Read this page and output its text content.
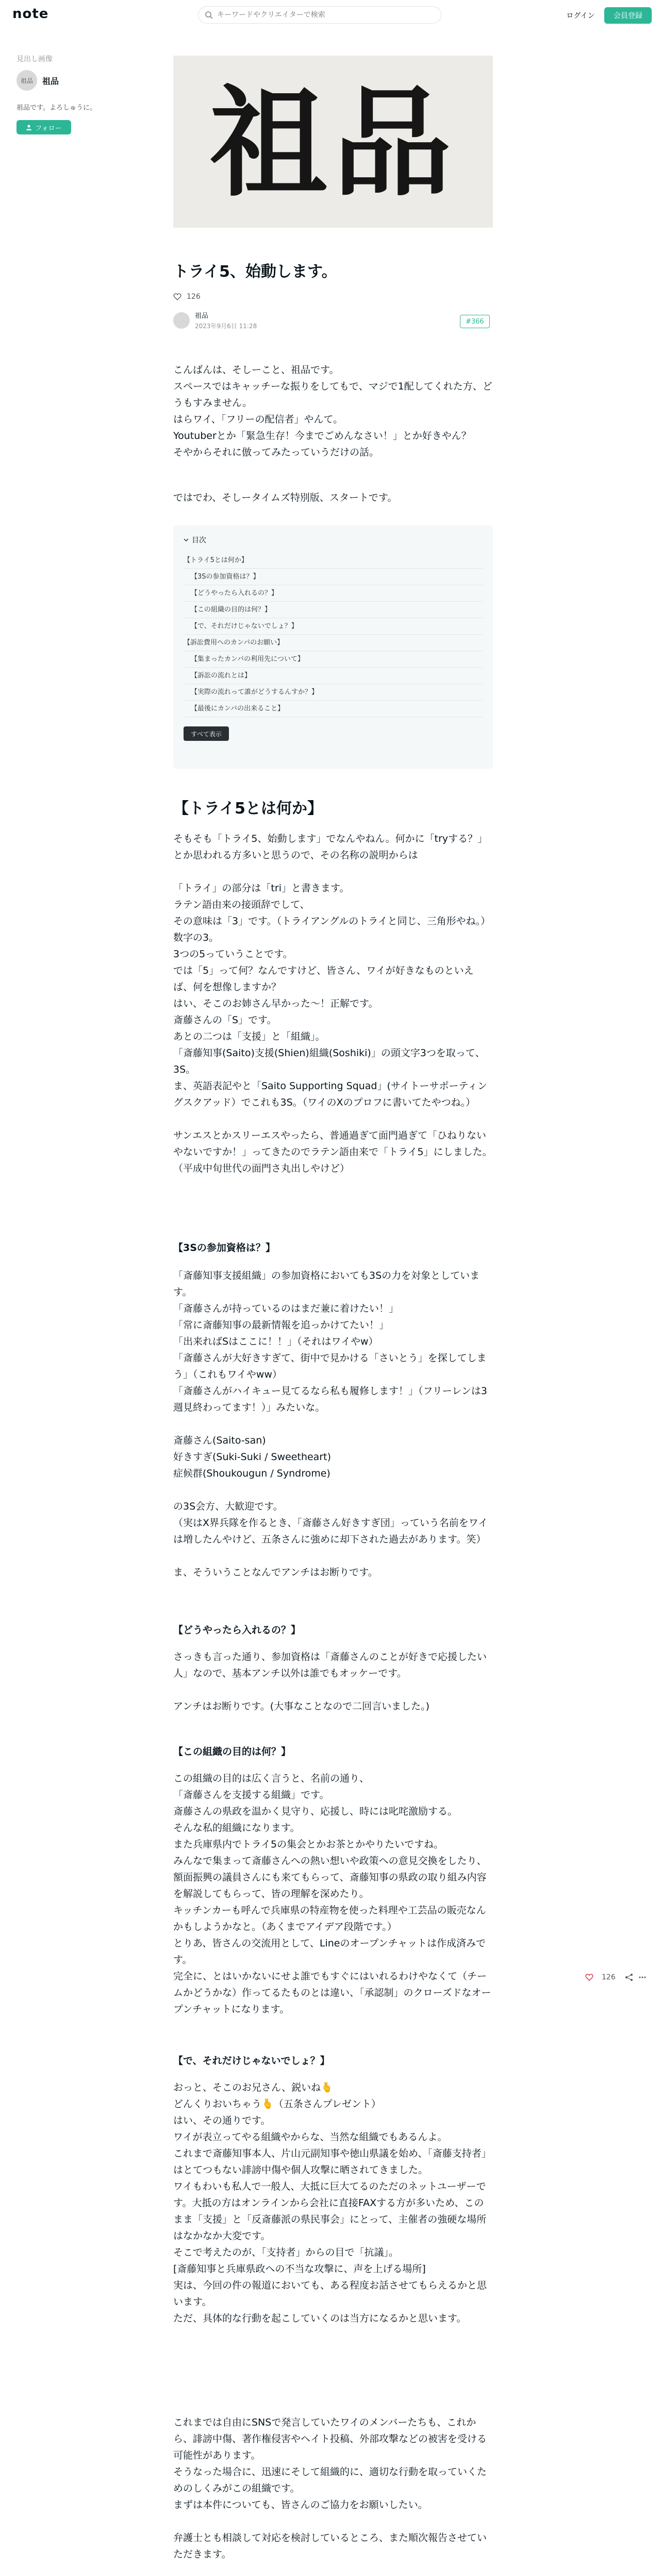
note
キーワードやクリエイターで検索	ログイン	会員登録
見出し画像
祖品 祖品
祖品です。よろしゅうに。
フォロー 祖品
トライ5、始動します。
126
祖品
2023年9月6日 11:28
#366
こんばんは、そしーこと、祖品です。
スペースではキャッチーな振りをしてもで、マジで1配してくれた方、どうもすみません。
はらワイ、「フリーの配信者」やんて。
Youtuberとか「緊急生存！今までごめんなさい！」とか好きやん？
そやからそれに倣ってみたっていうだけの話。
ではでわ、そしータイムズ特別版、スタートです。
目次
【トライ5とは何か】
【3Sの参加資格は？】
【どうやったら入れるの？】
【この組織の目的は何？】
【で、それだけじゃないでしょ？】
【訴訟費用へのカンパのお願い】
【集まったカンパの利用先について】
【訴訟の流れとは】
【実際の流れって誰がどうするんすか？】
【最後にカンパの出来ること】
すべて表示
【トライ5とは何か】
そもそも「トライ5、始動します」でなんやねん。何かに「tryする？」とか思われる方多いと思うので、その名称の説明からは

「トライ」の部分は「tri」と書きます。
ラテン語由来の接頭辞でして、
その意味は「3」です。（トライアングルのトライと同じ、三角形やね。）
数字の3。
3つの5っていうことです。
では「5」って何？なんですけど、皆さん、ワイが好きなものといえば、何を想像しますか？
はい、そこのお姉さん早かった～！正解です。
斎藤さんの「S」です。
あとの二つは「支援」と「組織」。
「斎藤知事(Saito)支援(Shien)組織(Soshiki)」の頭文字3つを取って、3S。
ま、英語表記やと「Saito Supporting Squad」(サイトーサポーティングスクアッド）でこれも3S。（ワイのXのプロフに書いてたやつね。）

サンエスとかスリーエスやったら、普通過ぎて面門過ぎて「ひねりないやないですか！」ってきたのでラテン語由来で「トライ5」にしました。（平成中旬世代の面門さ丸出しやけど）
【3Sの参加資格は？】
「斎藤知事支援組織」の参加資格においても3Sの力を対象としています。
「斎藤さんが持っているのはまだ兼に着けたい！」
「常に斎藤知事の最新情報を追っかけてたい！」
「出来ればSはここに！！」（それはワイやw）
「斎藤さんが大好きすぎて、街中で見かける「さいとう」を探してしまう」（これもワイやww）
「斎藤さんがハイキュー見てるなら私も履修します！」（フリーレンは3週見終わってます！）」みたいな。

斎藤さん(Saito-san)
好きすぎ(Suki-Suki / Sweetheart)
症候群(Shoukougun / Syndrome)

の3S会方、大歓迎です。
（実はX界兵隊を作るとき、「斎藤さん好きすぎ団」っていう名前をワイは増したんやけど、五条さんに強めに却下された過去があります。笑）

ま、そういうことなんでアンチはお断りです。
【どうやったら入れるの？】
さっきも言った通り、参加資格は「斎藤さんのことが好きで応援したい人」なので、基本アンチ以外は誰でもオッケーです。

アンチはお断りです。(大事なことなので二回言いました。)
【この組織の目的は何？】
この組織の目的は広く言うと、名前の通り、
「斎藤さんを支援する組織」です。
斎藤さんの県政を温かく見守り、応援し、時には叱咤激励する。
そんな私的組織になります。
また兵庫県内でトライ5の集会とかお茶とかやりたいですね。
みんなで集まって斎藤さんへの熱い想いや政策への意見交換をしたり、額面振興の議員さんにも来てもらって、斎藤知事の県政の取り組み内容を解説してもらって、皆の理解を深めたり。
キッチンカーも呼んで兵庫県の特産物を使った料理や工芸品の販売なんかもしようかなと。（あくまでアイデア段階です。）
とりあ、皆さんの交流用として、Lineのオープンチャットは作成済みです。
完全に、とはいかないにせよ誰でもすぐにはいれるわけやなくて（チームかどうかな）作ってるたものとは違い、「承認制」のクローズドなオープンチャットになります。
【で、それだけじゃないでしょ？】
おっと、そこのお兄さん、鋭いね🫰
どんくりおいちゃう🫰（五条さんプレゼント）
はい、その通りです。
ワイが表立ってやる組織やからな、当然な組織でもあるんよ。
これまで斎藤知事本人、片山元副知事や徳山県議を始め、「斎藤支持者」はとてつもない誹謗中傷や個人攻撃に晒されてきました。
ワイもわいも私人で一般人、大抵に巨大てるのただのネットユーザーです。大抵の方はオンラインから会社に直接FAXする方が多いため、このまま「支援」と「反斎藤派の県民事会」にとって、主催者の強硬な場所はなかなか大変です。
そこで考えたのが、「支持者」からの目で「抗議」。
[斎藤知事と兵庫県政への不当な攻撃に、声を上げる場所]
実は、今回の件の報道においても、ある程度お話させてもらえるかと思います。
ただ、具体的な行動を起こしていくのは当方になるかと思います。
これまでは自由にSNSで発言していたワイのメンバーたちも、これから、誹謗中傷、著作権侵害やヘイト投稿、外部攻撃などの被害を受ける可能性があります。
そうなった場合に、迅速にそして組織的に、適切な行動を取っていくためのしくみがこの組織です。
まずは本件についても、皆さんのご協力をお願いしたい。

弁護士とも相談して対応を検討しているところ、また順次報告させていただきます。
126
